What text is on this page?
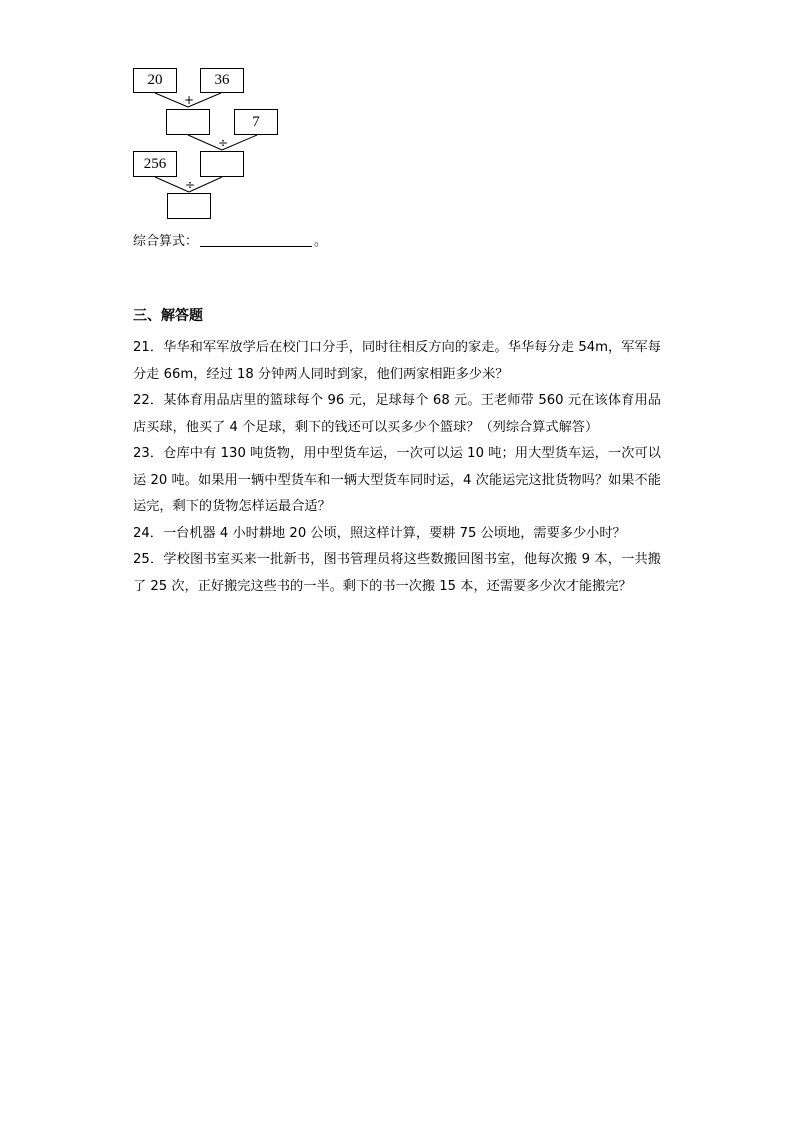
20	36
+
7
÷
256
÷
综合算式：	。
三、解答题

21．华华和军军放学后在校门口分手，同时往相反方向的家走。华华每分走 54m，军军每分走 66m，经过 18 分钟两人同时到家，他们两家相距多少米？

22．某体育用品店里的篮球每个 96 元，足球每个 68 元。王老师带 560 元在该体育用品店买球，他买了 4 个足球，剩下的钱还可以买多少个篮球？（列综合算式解答）

23．仓库中有 130 吨货物，用中型货车运，一次可以运 10 吨；用大型货车运，一次可以运 20 吨。如果用一辆中型货车和一辆大型货车同时运，4 次能运完这批货物吗？如果不能运完，剩下的货物怎样运最合适？

24．一台机器 4 小时耕地 20 公顷，照这样计算，要耕 75 公顷地，需要多少小时？

25．学校图书室买来一批新书，图书管理员将这些数搬回图书室，他每次搬 9 本，一共搬了 25 次，正好搬完这些书的一半。剩下的书一次搬 15 本，还需要多少次才能搬完？
